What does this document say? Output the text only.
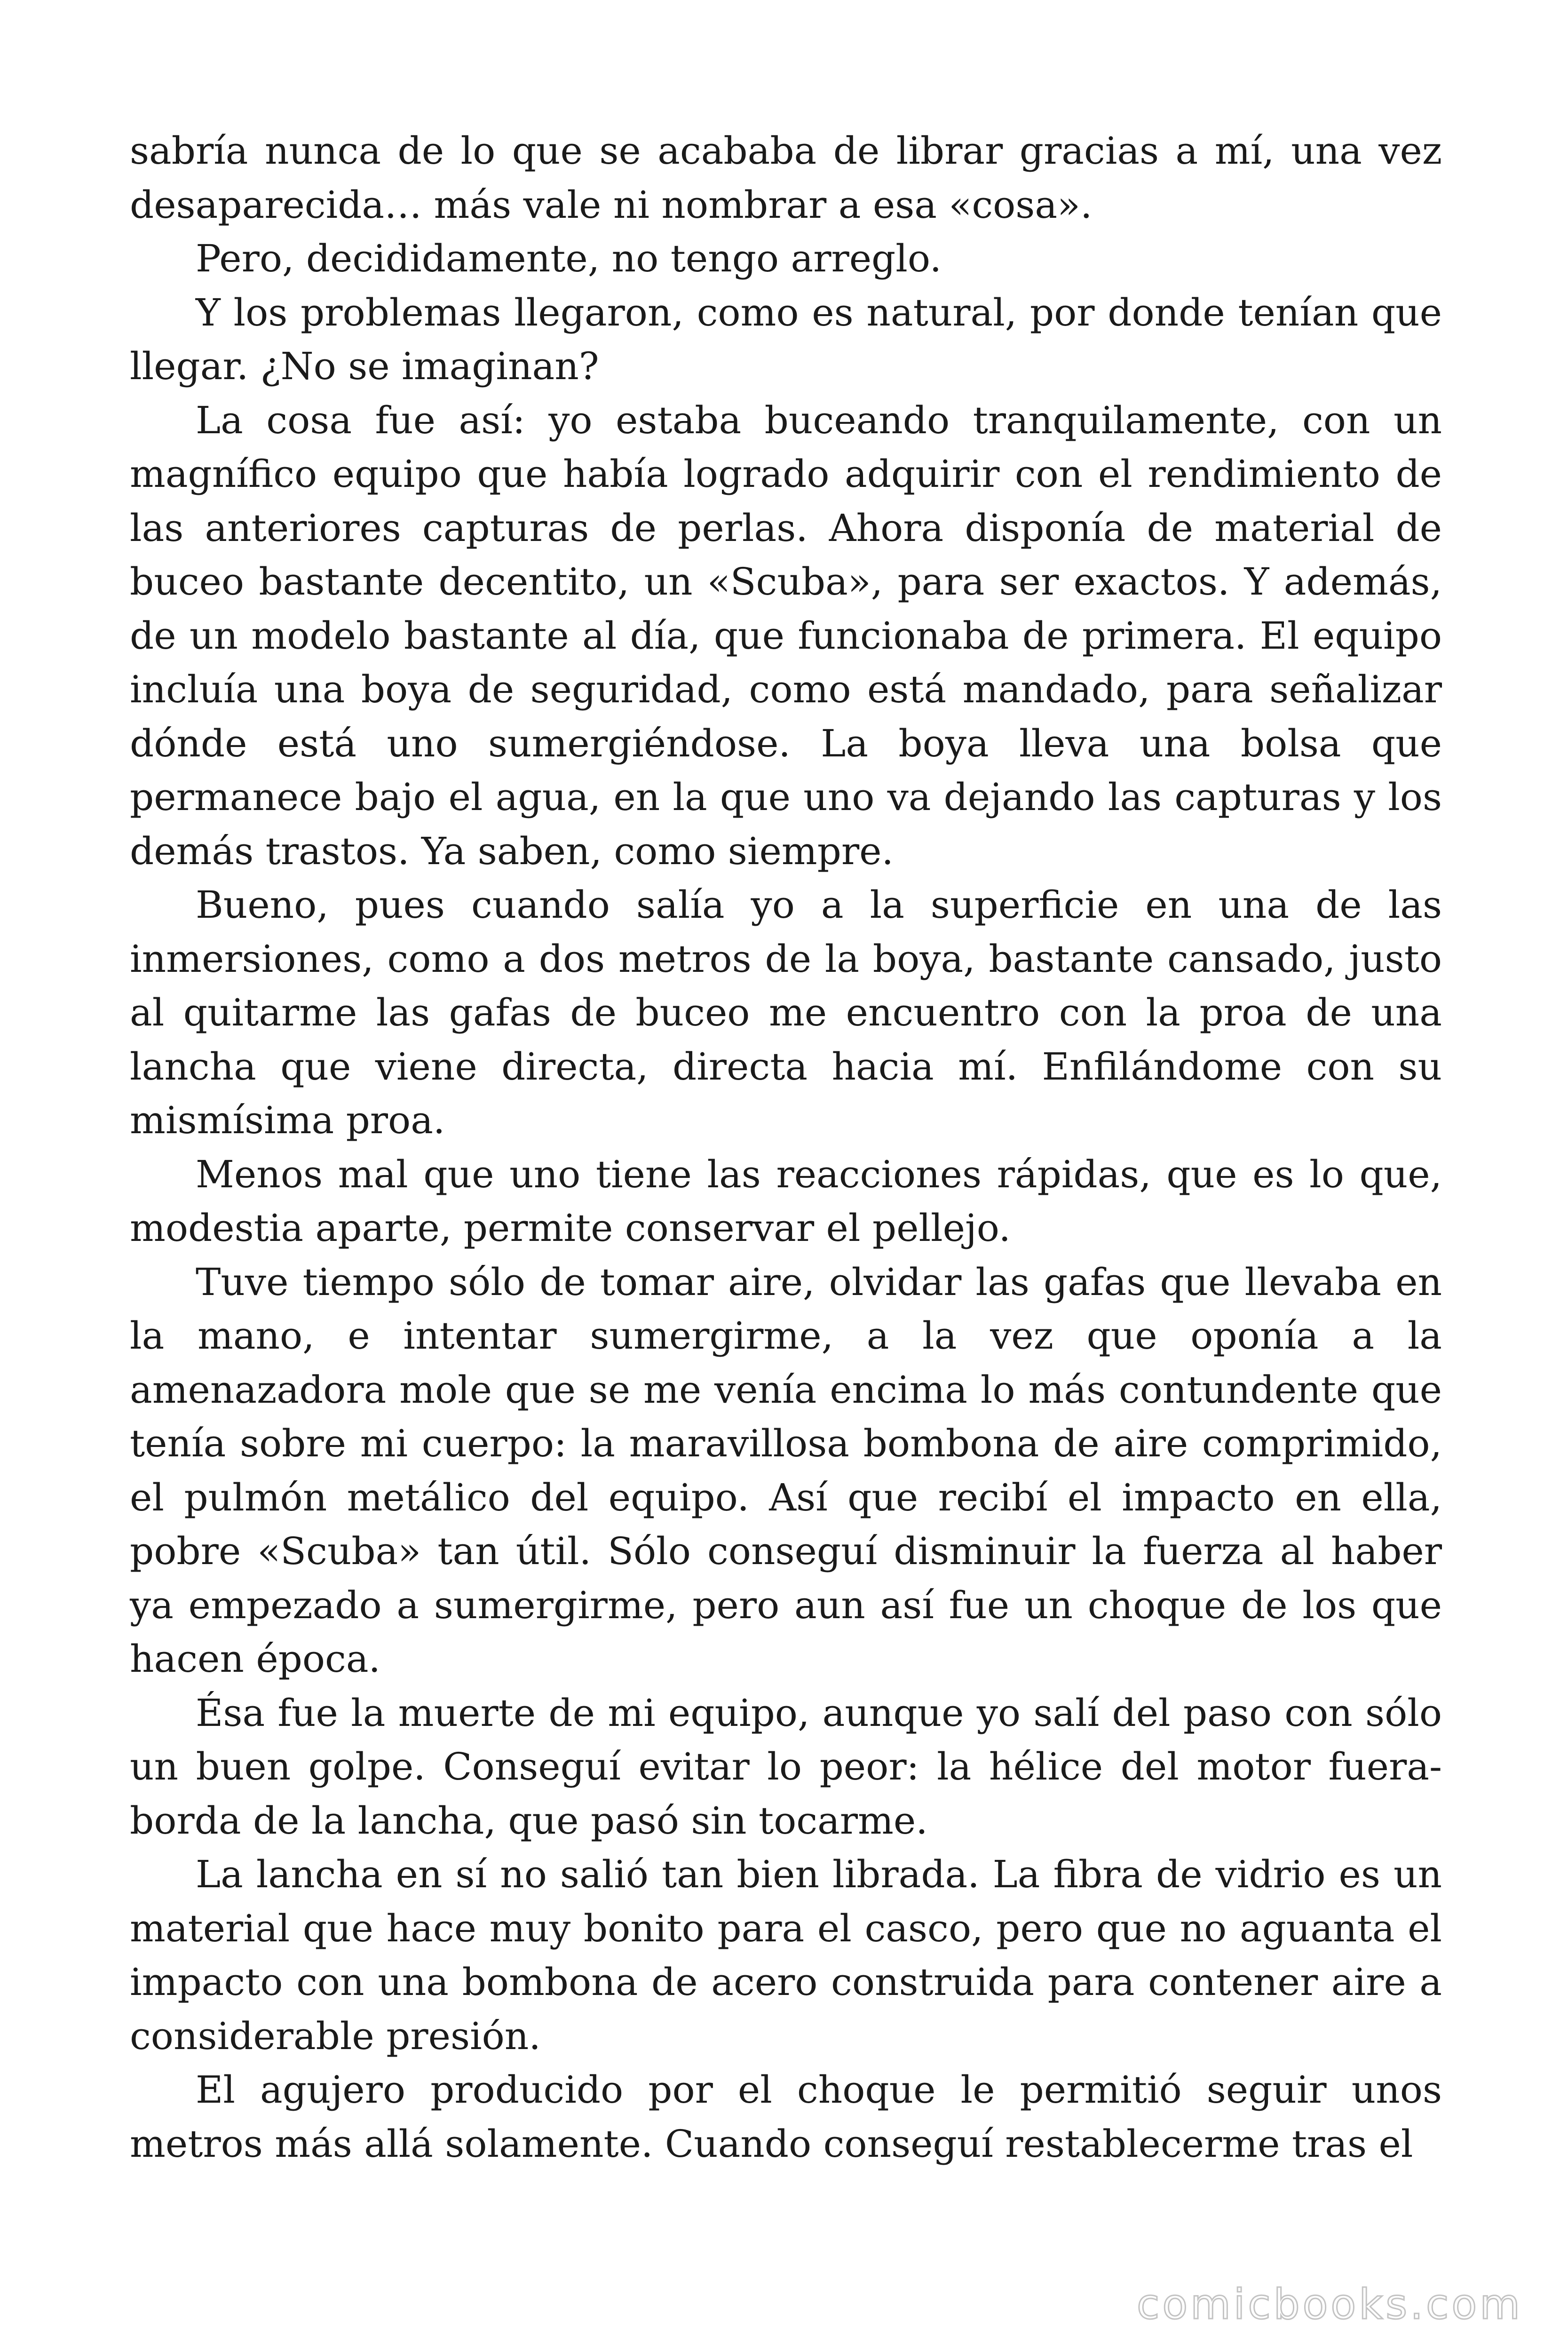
sabría nunca de lo que se acababa de librar gracias a mí, una vez desaparecida… más vale ni nombrar a esa «cosa».

Pero, decididamente, no tengo arreglo.

Y los problemas llegaron, como es natural, por donde tenían que llegar. ¿No se imaginan?

La cosa fue así: yo estaba buceando tranquilamente, con un magnífico equipo que había logrado adquirir con el rendimiento de las anteriores capturas de perlas. Ahora disponía de material de buceo bastante decentito, un «Scuba», para ser exactos. Y además, de un modelo bastante al día, que funcionaba de primera. El equipo incluía una boya de seguridad, como está mandado, para señalizar dónde está uno sumergiéndose. La boya lleva una bolsa que permanece bajo el agua, en la que uno va dejando las capturas y los demás trastos. Ya saben, como siempre.

Bueno, pues cuando salía yo a la superficie en una de las inmersiones, como a dos metros de la boya, bastante cansado, justo al quitarme las gafas de buceo me encuentro con la proa de una lancha que viene directa, directa hacia mí. Enfilándome con su mismísima proa.

Menos mal que uno tiene las reacciones rápidas, que es lo que, modestia aparte, permite conservar el pellejo.

Tuve tiempo sólo de tomar aire, olvidar las gafas que llevaba en la mano, e intentar sumergirme, a la vez que oponía a la amenazadora mole que se me venía encima lo más contundente que tenía sobre mi cuerpo: la maravillosa bombona de aire comprimido, el pulmón metálico del equipo. Así que recibí el impacto en ella, pobre «Scuba» tan útil. Sólo conseguí disminuir la fuerza al haber ya empezado a sumergirme, pero aun así fue un choque de los que hacen época.

Ésa fue la muerte de mi equipo, aunque yo salí del paso con sólo un buen golpe. Conseguí evitar lo peor: la hélice del motor fuera-borda de la lancha, que pasó sin tocarme.

La lancha en sí no salió tan bien librada. La fibra de vidrio es un material que hace muy bonito para el casco, pero que no aguanta el impacto con una bombona de acero construida para contener aire a considerable presión.

El agujero producido por el choque le permitió seguir unos metros más allá solamente. Cuando conseguí restablecerme tras el

comicbooks.com
